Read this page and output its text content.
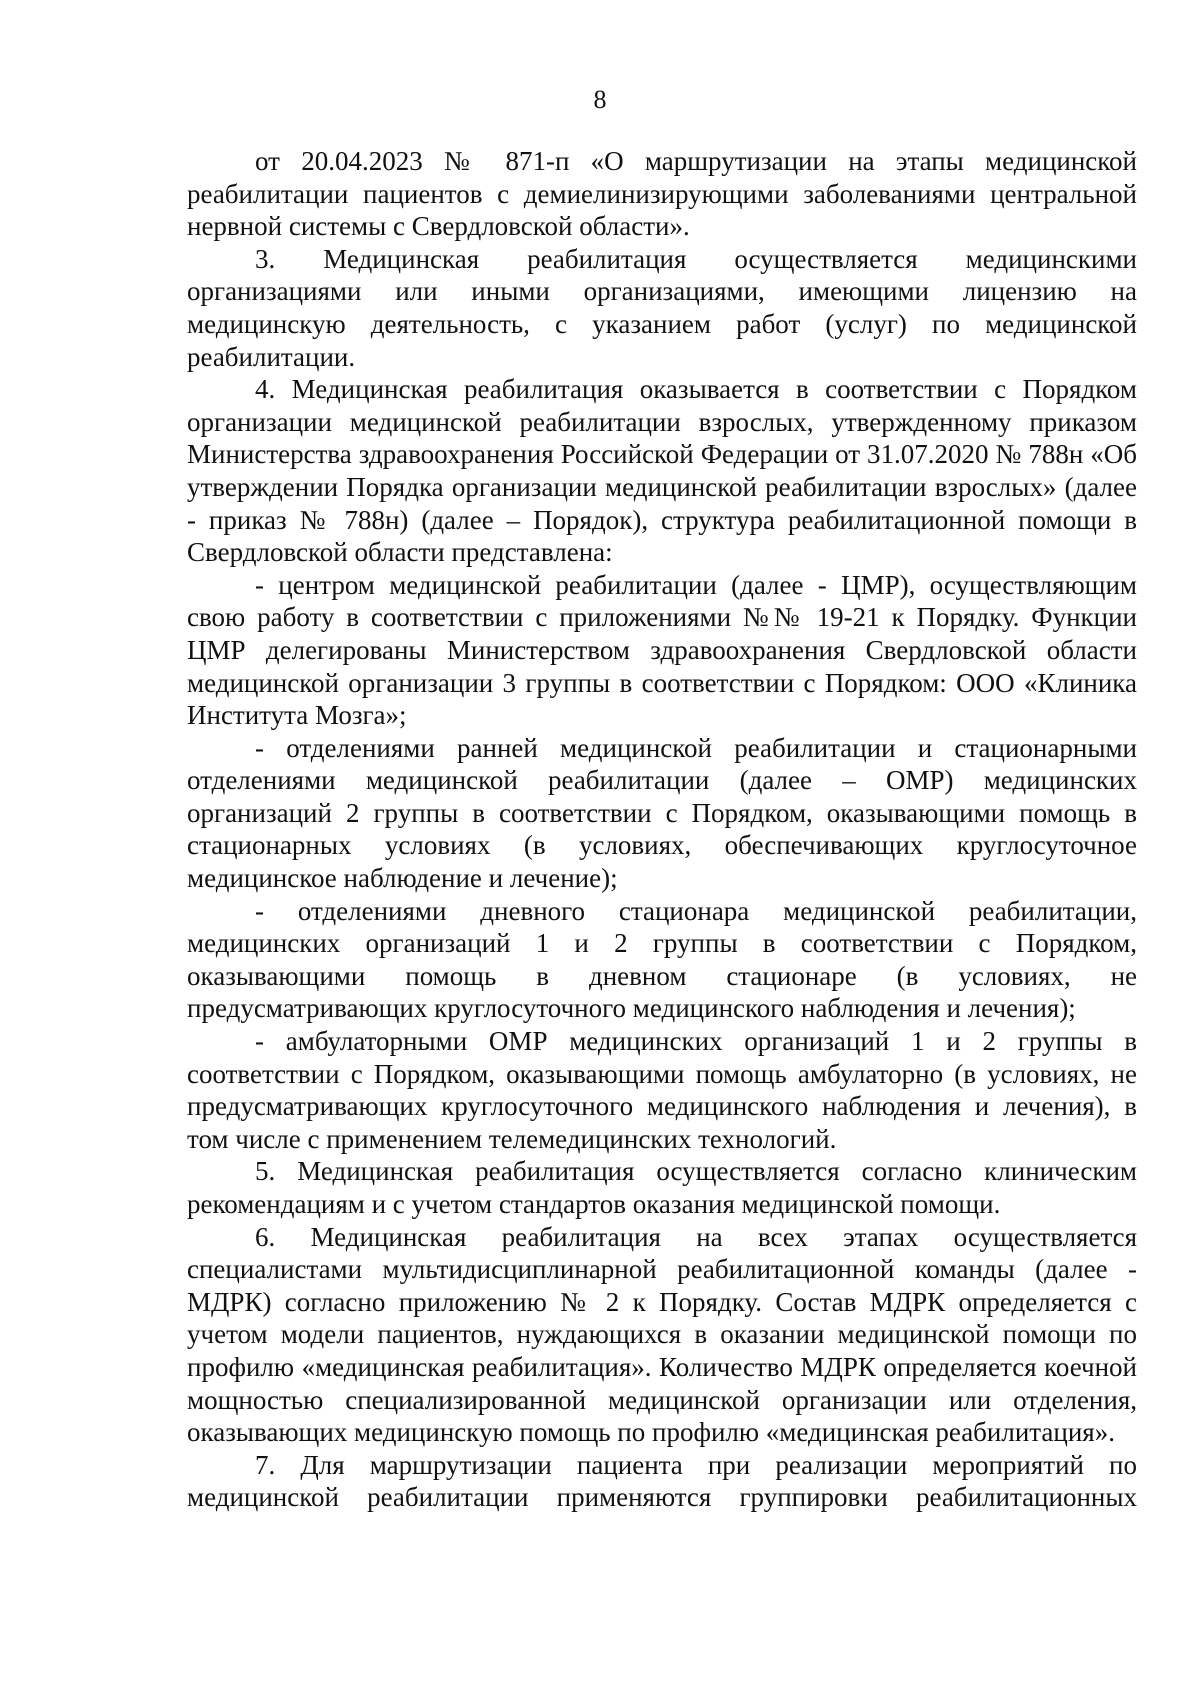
8

от 20.04.2023 № 871-п «О маршрутизации на этапы медицинской реабилитации пациентов с демиелинизирующими заболеваниями центральной нервной системы с Свердловской области».

3. Медицинская реабилитация осуществляется медицинскими организациями или иными организациями, имеющими лицензию на медицинскую деятельность, с указанием работ (услуг) по медицинской реабилитации.

4. Медицинская реабилитация оказывается в соответствии с Порядком организации медицинской реабилитации взрослых, утвержденному приказом Министерства здравоохранения Российской Федерации от 31.07.2020 № 788н «Об утверждении Порядка организации медицинской реабилитации взрослых» (далее - приказ № 788н) (далее – Порядок), структура реабилитационной помощи в Свердловской области представлена:

- центром медицинской реабилитации (далее - ЦМР), осуществляющим свою работу в соответствии с приложениями №№ 19-21 к Порядку. Функции ЦМР делегированы Министерством здравоохранения Свердловской области медицинской организации 3 группы в соответствии с Порядком: ООО «Клиника Института Мозга»;

- отделениями ранней медицинской реабилитации и стационарными отделениями медицинской реабилитации (далее – ОМР) медицинских организаций 2 группы в соответствии с Порядком, оказывающими помощь в стационарных условиях (в условиях, обеспечивающих круглосуточное медицинское наблюдение и лечение);

- отделениями дневного стационара медицинской реабилитации, медицинских организаций 1 и 2 группы в соответствии с Порядком, оказывающими помощь в дневном стационаре (в условиях, не предусматривающих круглосуточного медицинского наблюдения и лечения);

- амбулаторными ОМР медицинских организаций 1 и 2 группы в соответствии с Порядком, оказывающими помощь амбулаторно (в условиях, не предусматривающих круглосуточного медицинского наблюдения и лечения), в том числе с применением телемедицинских технологий.

5. Медицинская реабилитация осуществляется согласно клиническим рекомендациям и с учетом стандартов оказания медицинской помощи.

6. Медицинская реабилитация на всех этапах осуществляется специалистами мультидисциплинарной реабилитационной команды (далее - МДРК) согласно приложению № 2 к Порядку. Состав МДРК определяется с учетом модели пациентов, нуждающихся в оказании медицинской помощи по профилю «медицинская реабилитация». Количество МДРК определяется коечной мощностью специализированной медицинской организации или отделения, оказывающих медицинскую помощь по профилю «медицинская реабилитация».

7. Для маршрутизации пациента при реализации мероприятий по медицинской реабилитации применяются группировки реабилитационных
